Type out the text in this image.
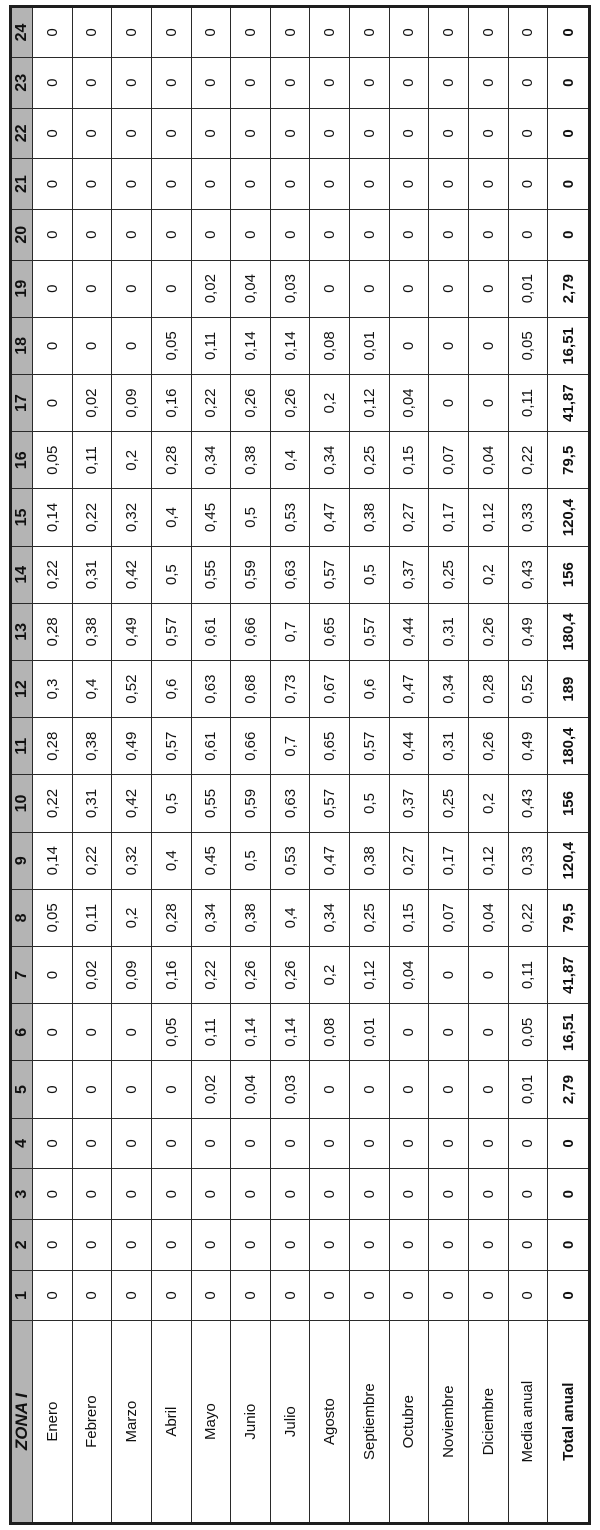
ZONA I	1	2	3	4	5	6	7	8	9	10	11	12	13	14	15	16	17	18	19	20	21	22	23	24
Enero	0	0	0	0	0	0	0	0,05	0,14	0,22	0,28	0,3	0,28	0,22	0,14	0,05	0	0	0	0	0	0	0	0
Febrero	0	0	0	0	0	0	0,02	0,11	0,22	0,31	0,38	0,4	0,38	0,31	0,22	0,11	0,02	0	0	0	0	0	0	0
Marzo	0	0	0	0	0	0	0,09	0,2	0,32	0,42	0,49	0,52	0,49	0,42	0,32	0,2	0,09	0	0	0	0	0	0	0
Abril	0	0	0	0	0	0,05	0,16	0,28	0,4	0,5	0,57	0,6	0,57	0,5	0,4	0,28	0,16	0,05	0	0	0	0	0	0
Mayo	0	0	0	0	0,02	0,11	0,22	0,34	0,45	0,55	0,61	0,63	0,61	0,55	0,45	0,34	0,22	0,11	0,02	0	0	0	0	0
Junio	0	0	0	0	0,04	0,14	0,26	0,38	0,5	0,59	0,66	0,68	0,66	0,59	0,5	0,38	0,26	0,14	0,04	0	0	0	0	0
Julio	0	0	0	0	0,03	0,14	0,26	0,4	0,53	0,63	0,7	0,73	0,7	0,63	0,53	0,4	0,26	0,14	0,03	0	0	0	0	0
Agosto	0	0	0	0	0	0,08	0,2	0,34	0,47	0,57	0,65	0,67	0,65	0,57	0,47	0,34	0,2	0,08	0	0	0	0	0	0
Septiembre	0	0	0	0	0	0,01	0,12	0,25	0,38	0,5	0,57	0,6	0,57	0,5	0,38	0,25	0,12	0,01	0	0	0	0	0	0
Octubre	0	0	0	0	0	0	0,04	0,15	0,27	0,37	0,44	0,47	0,44	0,37	0,27	0,15	0,04	0	0	0	0	0	0	0
Noviembre	0	0	0	0	0	0	0	0,07	0,17	0,25	0,31	0,34	0,31	0,25	0,17	0,07	0	0	0	0	0	0	0	0
Diciembre	0	0	0	0	0	0	0	0,04	0,12	0,2	0,26	0,28	0,26	0,2	0,12	0,04	0	0	0	0	0	0	0	0
Media anual	0	0	0	0	0,01	0,05	0,11	0,22	0,33	0,43	0,49	0,52	0,49	0,43	0,33	0,22	0,11	0,05	0,01	0	0	0	0	0
Total anual	0	0	0	0	2,79	16,51	41,87	79,5	120,4	156	180,4	189	180,4	156	120,4	79,5	41,87	16,51	2,79	0	0	0	0	0
